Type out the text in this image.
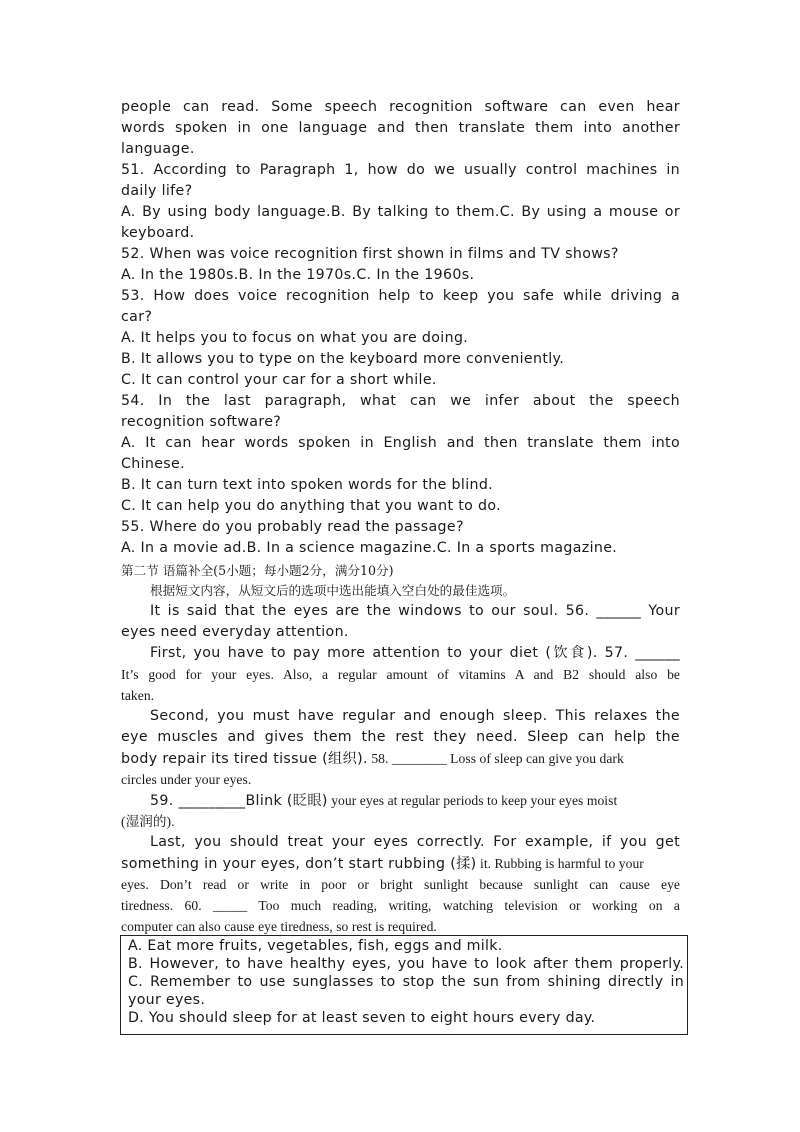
people can read. Some speech recognition software can even hear
words spoken in one language and then translate them into another
language.
51. According to Paragraph 1, how do we usually control machines in
daily life?
A. By using body language.B. By talking to them.C. By using a mouse or
keyboard.
52. When was voice recognition first shown in films and TV shows?
A. In the 1980s.B. In the 1970s.C. In the 1960s.
53. How does voice recognition help to keep you safe while driving a
car?
A. It helps you to focus on what you are doing.
B. It allows you to type on the keyboard more conveniently.
C. It can control your car for a short while.
54. In the last paragraph, what can we infer about the speech
recognition software?
A. It can hear words spoken in English and then translate them into
Chinese.
B. It can turn text into spoken words for the blind.
C. It can help you do anything that you want to do.
55. Where do you probably read the passage?
A. In a movie ad.B. In a science magazine.C. In a sports magazine.
第二节 语篇补全(5小题；每小题2分，满分10分)
根据短文内容，从短文后的选项中选出能填入空白处的最佳选项。
It is said that the eyes are the windows to our soul. 56. ______ Your
eyes need everyday attention.
First, you have to pay more attention to your diet (饮食). 57. ______
It’s good for your eyes. Also, a regular amount of vitamins A and B2 should also be
taken.
Second, you must have regular and enough sleep. This relaxes the
eye muscles and gives them the rest they need. Sleep can help the
body repair its tired tissue (组织). 58. ________ Loss of sleep can give you dark
circles under your eyes.
59. _________Blink (眨眼) your eyes at regular periods to keep your eyes moist
(湿润的).
Last, you should treat your eyes correctly. For example, if you get
something in your eyes, don’t start rubbing (揉) it. Rubbing is harmful to your
eyes. Don’t read or write in poor or bright sunlight because sunlight can cause eye
tiredness. 60. _____ Too much reading, writing, watching television or working on a
computer can also cause eye tiredness, so rest is required.
A. Eat more fruits, vegetables, fish, eggs and milk.
B. However, to have healthy eyes, you have to look after them properly.
C. Remember to use sunglasses to stop the sun from shining directly in
your eyes.
D. You should sleep for at least seven to eight hours every day.
